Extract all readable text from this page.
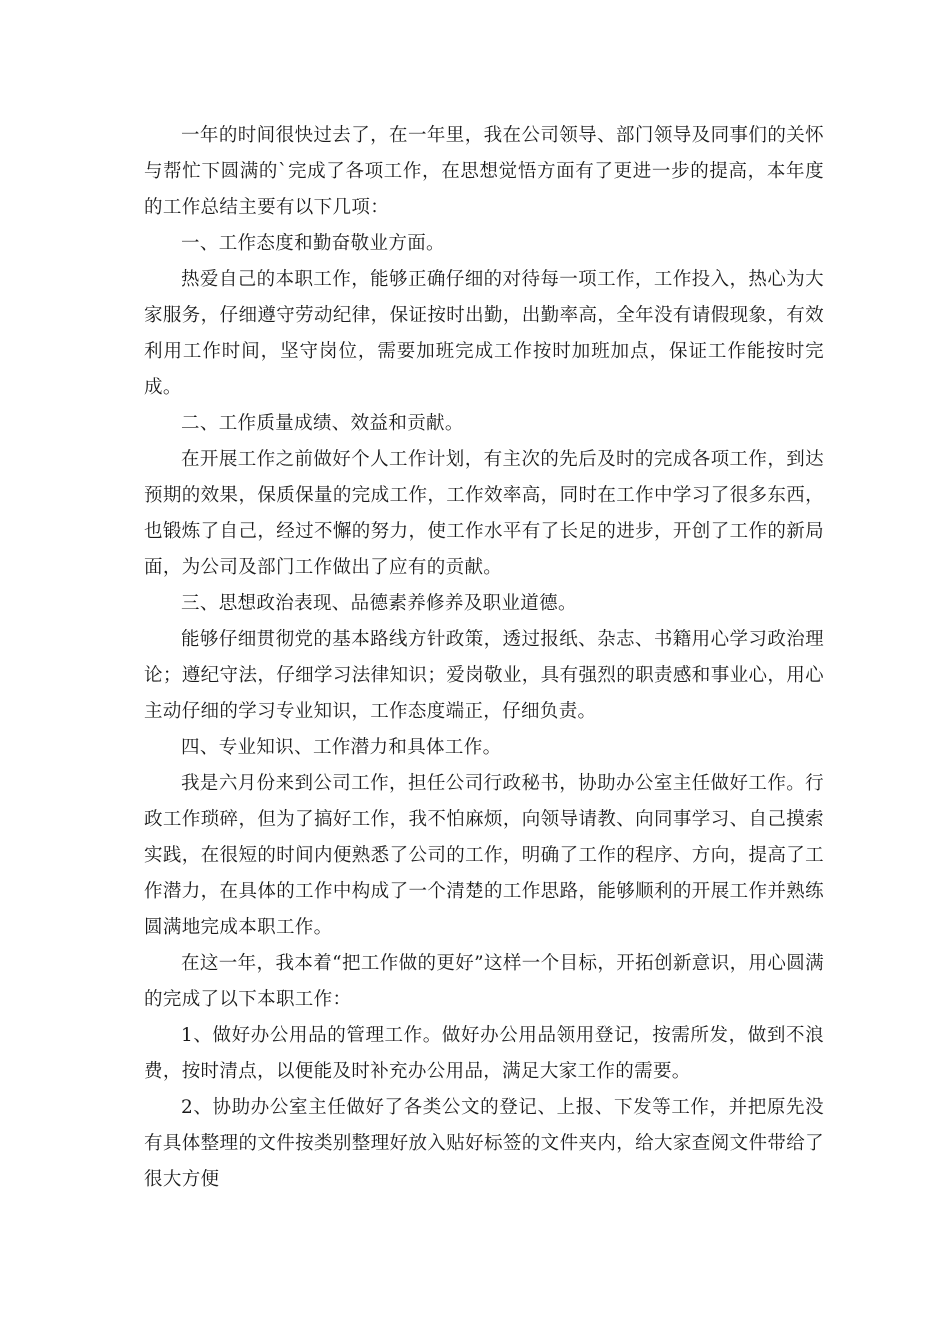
一年的时间很快过去了，在一年里，我在公司领导、部门领导及同事们的关怀与帮忙下圆满的`完成了各项工作，在思想觉悟方面有了更进一步的提高，本年度的工作总结主要有以下几项：

一、工作态度和勤奋敬业方面。

热爱自己的本职工作，能够正确仔细的对待每一项工作，工作投入，热心为大家服务，仔细遵守劳动纪律，保证按时出勤，出勤率高，全年没有请假现象，有效利用工作时间，坚守岗位，需要加班完成工作按时加班加点，保证工作能按时完成。

二、工作质量成绩、效益和贡献。

在开展工作之前做好个人工作计划，有主次的先后及时的完成各项工作，到达预期的效果，保质保量的完成工作，工作效率高，同时在工作中学习了很多东西，也锻炼了自己，经过不懈的努力，使工作水平有了长足的进步，开创了工作的新局面，为公司及部门工作做出了应有的贡献。

三、思想政治表现、品德素养修养及职业道德。

能够仔细贯彻党的基本路线方针政策，透过报纸、杂志、书籍用心学习政治理论；遵纪守法，仔细学习法律知识；爱岗敬业，具有强烈的职责感和事业心，用心主动仔细的学习专业知识，工作态度端正，仔细负责。

四、专业知识、工作潜力和具体工作。

我是六月份来到公司工作，担任公司行政秘书，协助办公室主任做好工作。行政工作琐碎，但为了搞好工作，我不怕麻烦，向领导请教、向同事学习、自己摸索实践，在很短的时间内便熟悉了公司的工作，明确了工作的程序、方向，提高了工作潜力，在具体的工作中构成了一个清楚的工作思路，能够顺利的开展工作并熟练圆满地完成本职工作。

在这一年，我本着“把工作做的更好”这样一个目标，开拓创新意识，用心圆满的完成了以下本职工作：

1、做好办公用品的管理工作。做好办公用品领用登记，按需所发，做到不浪费，按时清点，以便能及时补充办公用品，满足大家工作的需要。

2、协助办公室主任做好了各类公文的登记、上报、下发等工作，并把原先没有具体整理的文件按类别整理好放入贴好标签的文件夹内，给大家查阅文件带给了很大方便
